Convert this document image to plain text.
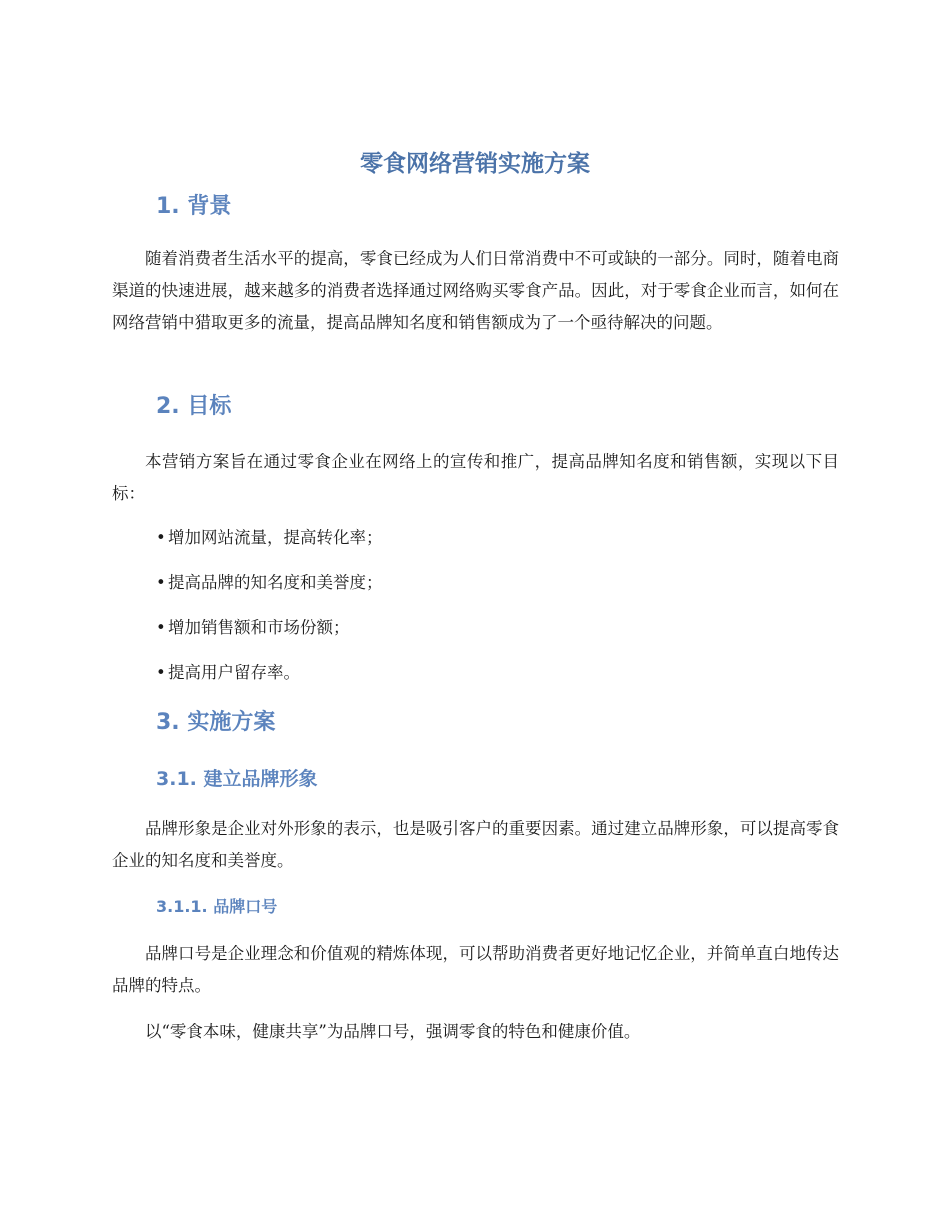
零食网络营销实施方案
1. 背景

随着消费者生活水平的提高，零食已经成为人们日常消费中不可或缺的一部分。同时，随着电商渠道的快速进展，越来越多的消费者选择通过网络购买零食产品。因此，对于零食企业而言，如何在网络营销中猎取更多的流量，提高品牌知名度和销售额成为了一个亟待解决的问题。

2. 目标

本营销方案旨在通过零食企业在网络上的宣传和推广，提高品牌知名度和销售额，实现以下目标：

• 增加网站流量，提高转化率；
• 提高品牌的知名度和美誉度；
• 增加销售额和市场份额；
• 提高用户留存率。
3. 实施方案
3.1. 建立品牌形象

品牌形象是企业对外形象的表示，也是吸引客户的重要因素。通过建立品牌形象，可以提高零食企业的知名度和美誉度。

3.1.1. 品牌口号

品牌口号是企业理念和价值观的精炼体现，可以帮助消费者更好地记忆企业，并简单直白地传达品牌的特点。

以“零食本味，健康共享”为品牌口号，强调零食的特色和健康价值。
